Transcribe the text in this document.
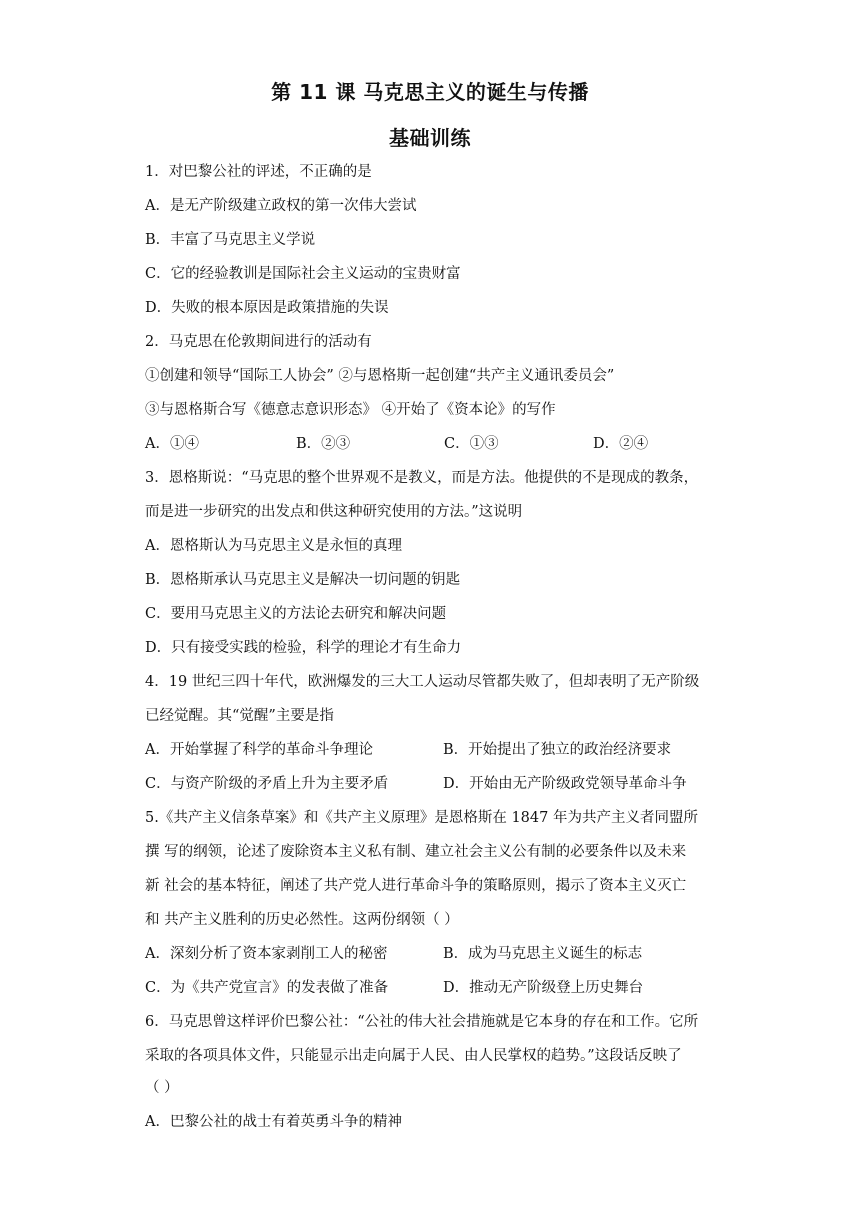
第 11 课 马克思主义的诞生与传播
基础训练
1．对巴黎公社的评述，不正确的是
A．是无产阶级建立政权的第一次伟大尝试
B．丰富了马克思主义学说
C．它的经验教训是国际社会主义运动的宝贵财富
D．失败的根本原因是政策措施的失误
2．马克思在伦敦期间进行的活动有
①创建和领导“国际工人协会” ②与恩格斯一起创建“共产主义通讯委员会”
③与恩格斯合写《德意志意识形态》 ④开始了《资本论》的写作
A．①④	B．②③	C．①③	D．②④
3．恩格斯说：“马克思的整个世界观不是教义，而是方法。他提供的不是现成的教条，
而是进一步研究的出发点和供这种研究使用的方法。”这说明
A．恩格斯认为马克思主义是永恒的真理
B．恩格斯承认马克思主义是解决一切问题的钥匙
C．要用马克思主义的方法论去研究和解决问题
D．只有接受实践的检验，科学的理论才有生命力
4．19 世纪三四十年代，欧洲爆发的三大工人运动尽管都失败了，但却表明了无产阶级
已经觉醒。其“觉醒”主要是指
A．开始掌握了科学的革命斗争理论	B．开始提出了独立的政治经济要求
C．与资产阶级的矛盾上升为主要矛盾	D．开始由无产阶级政党领导革命斗争
5.《共产主义信条草案》和《共产主义原理》是恩格斯在 1847 年为共产主义者同盟所
撰 写的纲领，论述了废除资本主义私有制、建立社会主义公有制的必要条件以及未来
新 社会的基本特征，阐述了共产党人进行革命斗争的策略原则，揭示了资本主义灭亡
和 共产主义胜利的历史必然性。这两份纲领（ ）
A．深刻分析了资本家剥削工人的秘密	B．成为马克思主义诞生的标志
C．为《共产党宣言》的发表做了准备	D．推动无产阶级登上历史舞台
6．马克思曾这样评价巴黎公社：“公社的伟大社会措施就是它本身的存在和工作。它所
采取的各项具体文件，只能显示出走向属于人民、由人民掌权的趋势。”这段话反映了
（ ）
A．巴黎公社的战士有着英勇斗争的精神
